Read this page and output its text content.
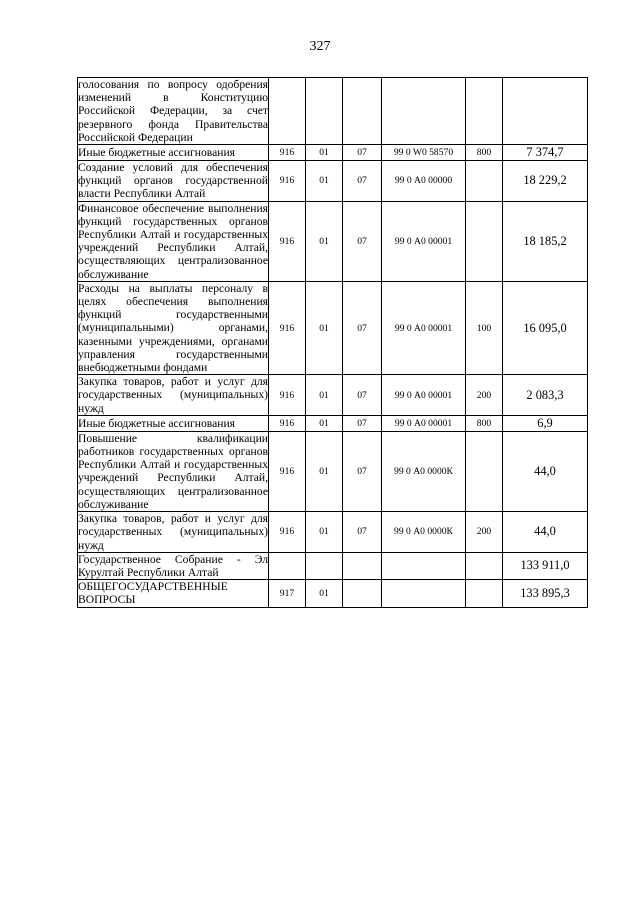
327
голосования по вопросу одобрения изменений в Конституцию Российской Федерации, за счет резервного фонда Правительства Российской Федерации						
Иные бюджетные ассигнования	916	01	07	99 0 W0 58570	800	7 374,7
Создание условий для обеспечения функций органов государственной власти Республики Алтай	916	01	07	99 0 А0 00000		18 229,2
Финансовое обеспечение выполнения функций государственных органов Республики Алтай и государственных учреждений Республики Алтай, осуществляющих централизованное обслуживание	916	01	07	99 0 А0 00001		18 185,2
Расходы на выплаты персоналу в целях обеспечения выполнения функций государственными (муниципальными) органами, казенными учреждениями, органами управления государственными внебюджетными фондами	916	01	07	99 0 А0 00001	100	16 095,0
Закупка товаров, работ и услуг для государственных (муниципальных) нужд	916	01	07	99 0 А0 00001	200	2 083,3
Иные бюджетные ассигнования	916	01	07	99 0 А0 00001	800	6,9
Повышение квалификации работников государственных органов Республики Алтай и государственных учреждений Республики Алтай, осуществляющих централизованное обслуживание	916	01	07	99 0 А0 0000К		44,0
Закупка товаров, работ и услуг для государственных (муниципальных) нужд	916	01	07	99 0 А0 0000К	200	44,0
Государственное Собрание - Эл Курултай Республики Алтай						133 911,0
ОБЩЕГОСУДАРСТВЕННЫЕ ВОПРОСЫ	917	01				133 895,3
